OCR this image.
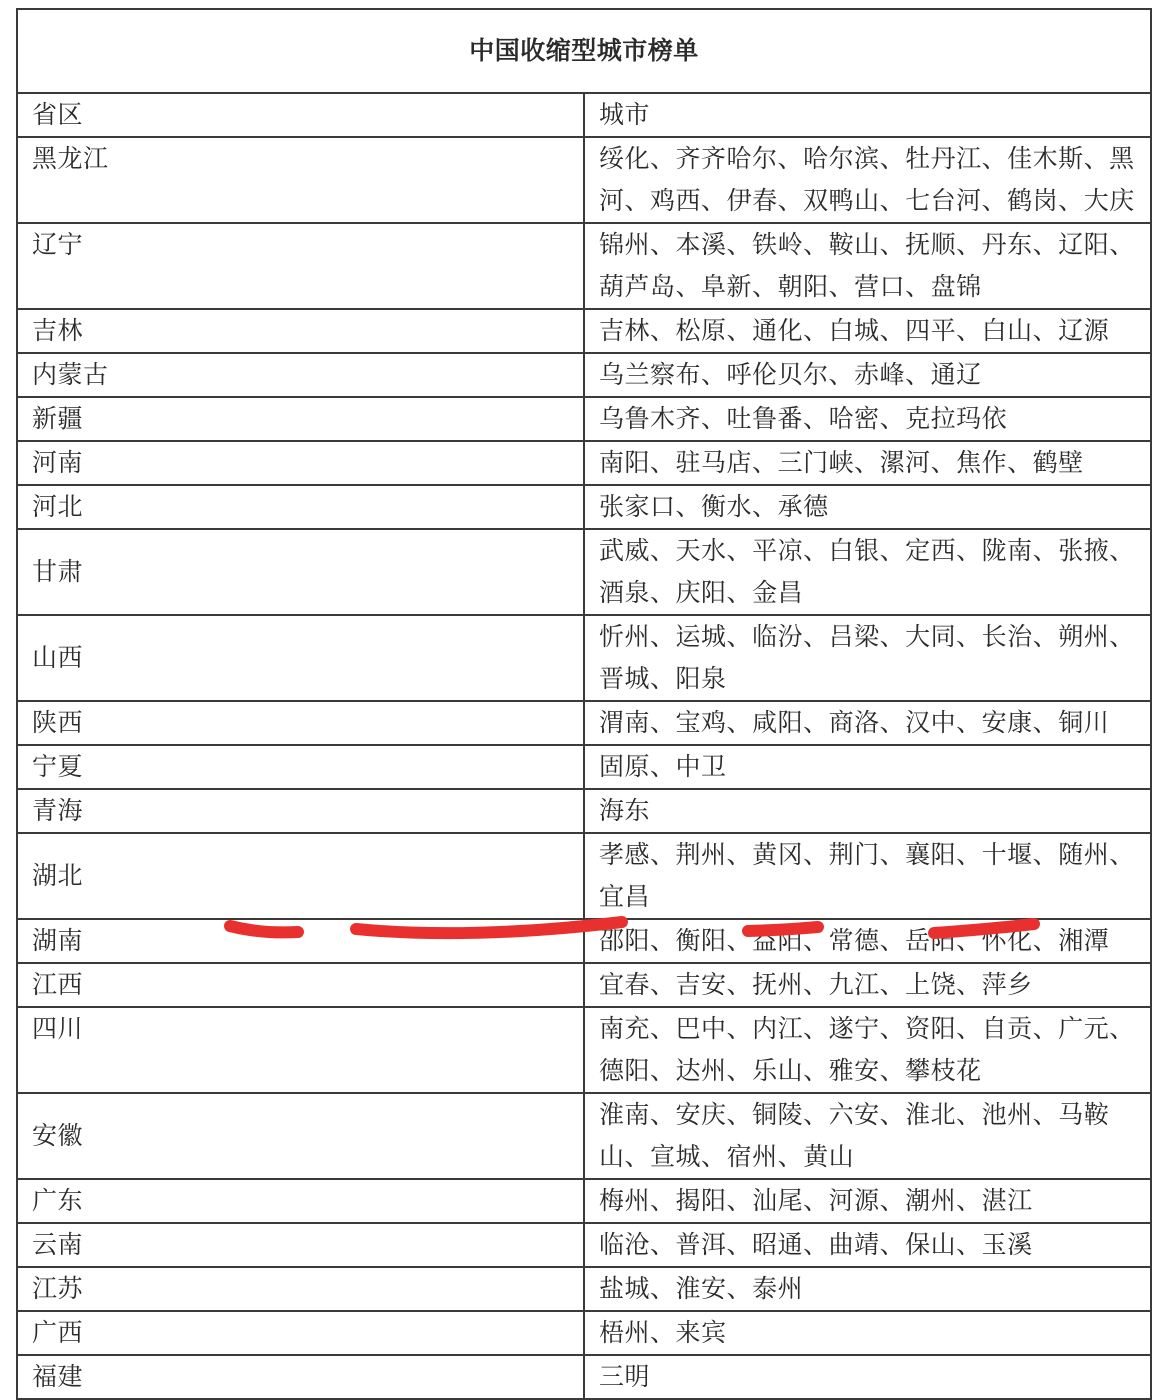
中国收缩型城市榜单	
省区	城市
黑龙江	绥化、齐齐哈尔、哈尔滨、牡丹江、佳木斯、黑河、鸡西、伊春、双鸭山、七台河、鹤岗、大庆
辽宁	锦州、本溪、铁岭、鞍山、抚顺、丹东、辽阳、葫芦岛、阜新、朝阳、营口、盘锦
吉林	吉林、松原、通化、白城、四平、白山、辽源
内蒙古	乌兰察布、呼伦贝尔、赤峰、通辽
新疆	乌鲁木齐、吐鲁番、哈密、克拉玛依
河南	南阳、驻马店、三门峡、漯河、焦作、鹤壁
河北	张家口、衡水、承德
甘肃	武威、天水、平凉、白银、定西、陇南、张掖、酒泉、庆阳、金昌
山西	忻州、运城、临汾、吕梁、大同、长治、朔州、晋城、阳泉
陕西	渭南、宝鸡、咸阳、商洛、汉中、安康、铜川
宁夏	固原、中卫
青海	海东
湖北	孝感、荆州、黄冈、荆门、襄阳、十堰、随州、宜昌
湖南	邵阳、衡阳、益阳、常德、岳阳、怀化、湘潭
江西	宜春、吉安、抚州、九江、上饶、萍乡
四川	南充、巴中、内江、遂宁、资阳、自贡、广元、德阳、达州、乐山、雅安、攀枝花
安徽	淮南、安庆、铜陵、六安、淮北、池州、马鞍山、宣城、宿州、黄山
广东	梅州、揭阳、汕尾、河源、潮州、湛江
云南	临沧、普洱、昭通、曲靖、保山、玉溪
江苏	盐城、淮安、泰州
广西	梧州、来宾
福建	三明
